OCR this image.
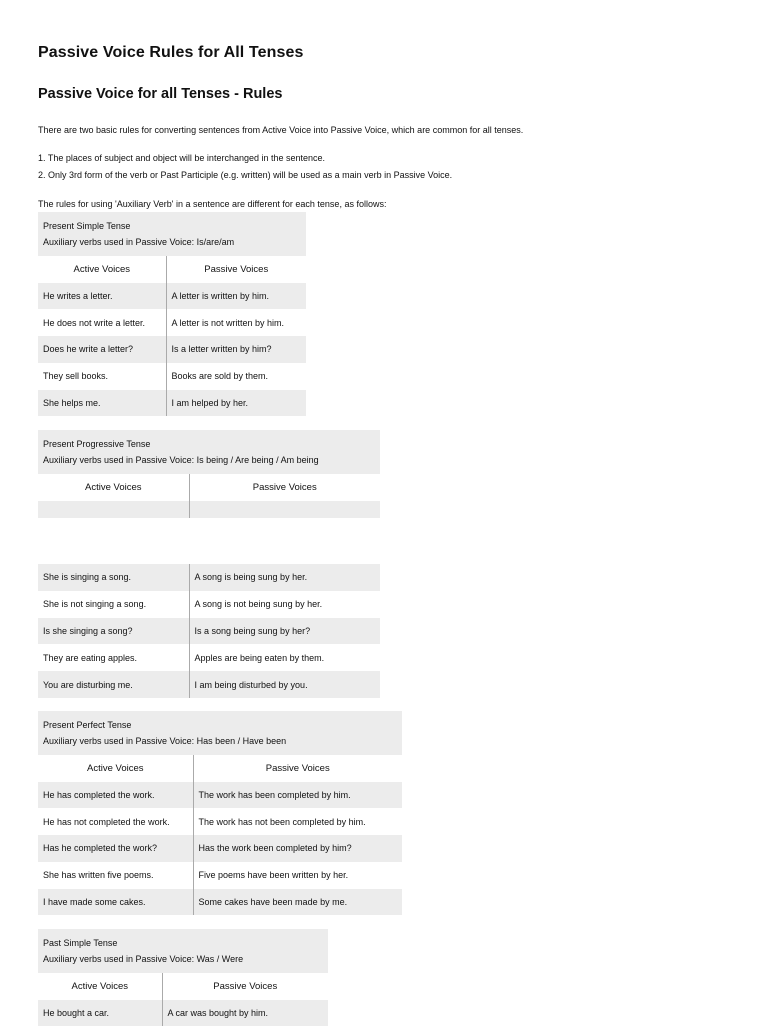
Passive Voice Rules for All Tenses
Passive Voice for all Tenses - Rules

There are two basic rules for converting sentences from Active Voice into Passive Voice, which are common for all tenses.

1. The places of subject and object will be interchanged in the sentence.

2. Only 3rd form of the verb or Past Participle (e.g. written) will be used as a main verb in Passive Voice.

The rules for using 'Auxiliary Verb' in a sentence are different for each tense, as follows:

Present Simple Tense
Auxiliary verbs used in Passive Voice: Is/are/am	
Active Voices	Passive Voices
He writes a letter.	A letter is written by him.
He does not write a letter.	A letter is not written by him.
Does he write a letter?	Is a letter written by him?
They sell books.	Books are sold by them.
She helps me.	I am helped by her.
Present Progressive Tense
Auxiliary verbs used in Passive Voice: Is being / Are being / Am being	
Active Voices	Passive Voices

She is singing a song.	A song is being sung by her.
She is not singing a song.	A song is not being sung by her.
Is she singing a song?	Is a song being sung by her?
They are eating apples.	Apples are being eaten by them.
You are disturbing me.	I am being disturbed by you.
Present Perfect Tense
Auxiliary verbs used in Passive Voice: Has been / Have been	
Active Voices	Passive Voices
He has completed the work.	The work has been completed by him.
He has not completed the work.	The work has not been completed by him.
Has he completed the work?	Has the work been completed by him?
She has written five poems.	Five poems have been written by her.
I have made some cakes.	Some cakes have been made by me.
Past Simple Tense
Auxiliary verbs used in Passive Voice: Was / Were	
Active Voices	Passive Voices
He bought a car.	A car was bought by him.
